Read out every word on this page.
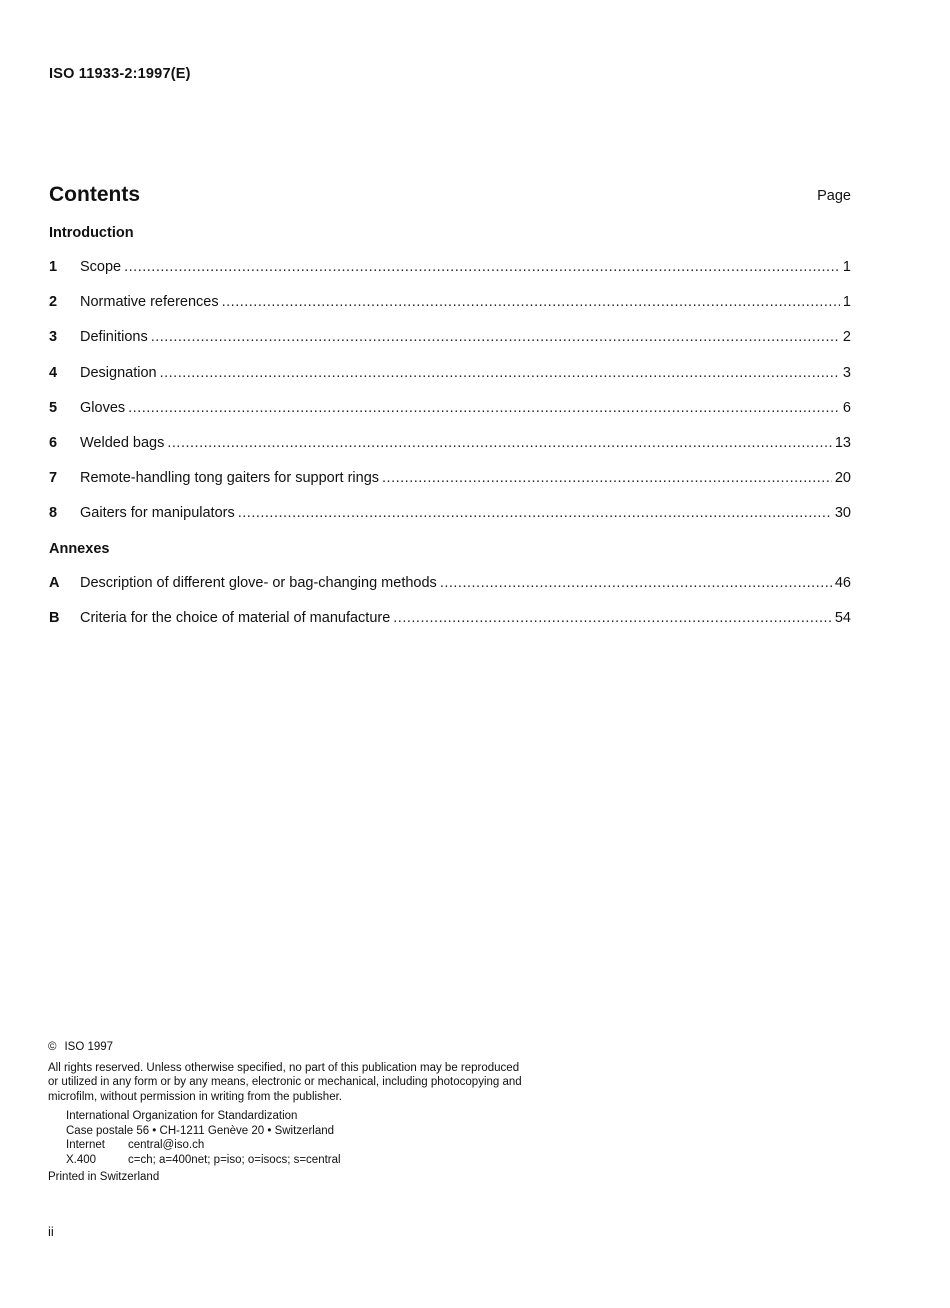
ISO 11933-2:1997(E)
Contents	Page
Introduction
1	Scope .....	1
2	Normative references .....	1
3	Definitions .....	2
4	Designation .....	3
5	Gloves .....	6
6	Welded bags .....	13
7	Remote-handling tong gaiters for support rings .....	20
8	Gaiters for manipulators .....	30
Annexes
A	Description of different glove- or bag-changing methods .....	46
B	Criteria for the choice of material of manufacture .....	54
© ISO 1997
All rights reserved. Unless otherwise specified, no part of this publication may be reproduced
or utilized in any form or by any means, electronic or mechanical, including photocopying and
microfilm, without permission in writing from the publisher.
International Organization for Standardization
Case postale 56 • CH-1211 Genève 20 • Switzerland
Internet	central@iso.ch
X.400	c=ch; a=400net; p=iso; o=isocs; s=central
Printed in Switzerland
ii
